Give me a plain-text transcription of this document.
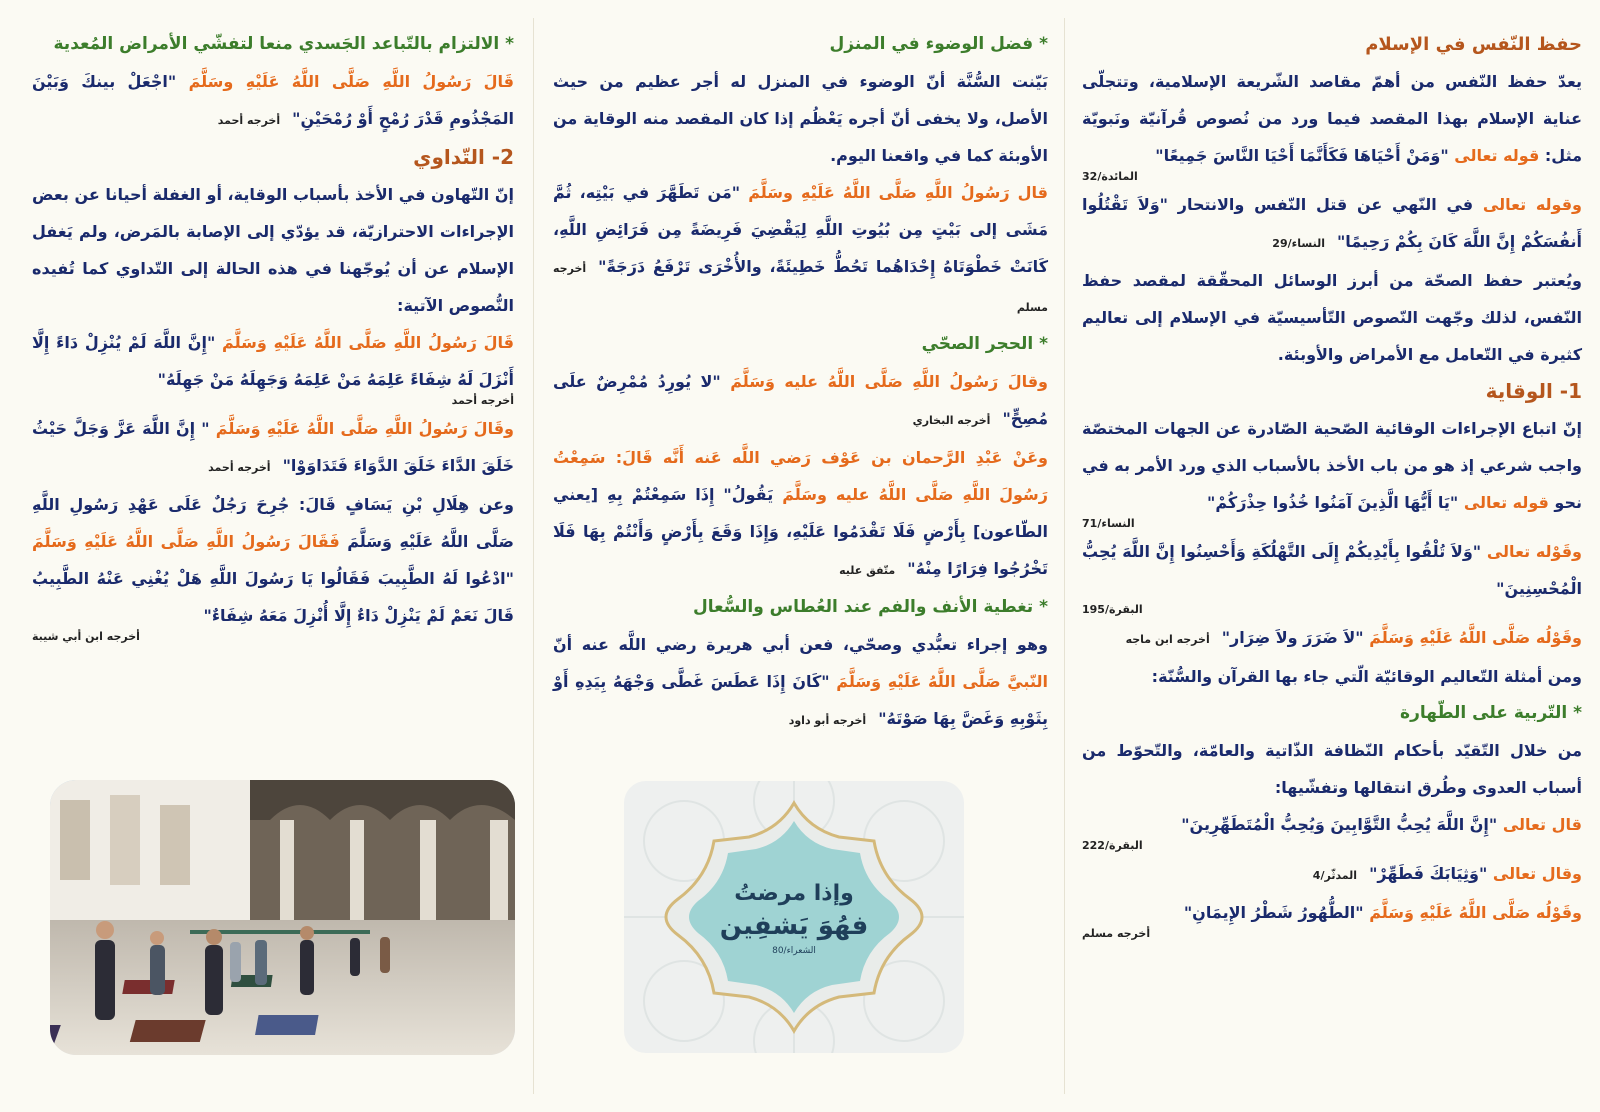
حفظ النّفس في الإسلام

يعدّ حفظ النّفس من أهمّ مقاصد الشّريعة الإسلامية، وتتجلّى عناية الإسلام بهذا المقصد فيما ورد من نُصوص قُرآنيّة ونَبويّة مثل: قوله تعالى "وَمَنْ أَحْيَاهَا فَكَأَنَّمَا أَحْيَا النَّاسَ جَمِيعًا"

المائدة/32

وقوله تعالى في النّهي عن قتل النّفس والانتحار "وَلاَ تَقْتُلُوا أَنفُسَكُمْ إِنَّ اللَّهَ كَانَ بِكُمْ رَحِيمًا"النساء/29

ويُعتبر حفظ الصحّة من أبرز الوسائل المحقّقة لمقصد حفظ النّفس، لذلك وجّهت النّصوص التّأسيسيّة في الإسلام إلى تعاليم كثيرة في التّعامل مع الأمراض والأوبئة.

1- الوقاية

إنّ اتباع الإجراءات الوقائية الصّحية الصّادرة عن الجهات المختصّة واجب شرعي إذ هو من باب الأخذ بالأسباب الذي ورد الأمر به في نحو قوله تعالى "يَا أَيُّهَا الَّذِينَ آمَنُوا خُذُوا حِذْرَكُمْ"

النساء/71

وقَوْله تعالى "وَلاَ تُلْقُوا بِأَيْدِيكُمْ إِلَى التَّهْلُكَةِ وَأَحْسِنُوا إِنَّ اللَّهَ يُحِبُّ الْمُحْسِنِينَ"

البقرة/195

وقَوْلُه صَلَّى اللَّهُ عَلَيْهِ وَسَلَّمَ "لاَ ضَرَرَ ولاَ ضِرَار"أخرجه ابن ماجه

ومن أمثلة التّعاليم الوقائيّة الّتي جاء بها القرآن والسُّنّة:

* التّربية على الطّهارة

من خلال التّقيّد بأحكام النّظافة الذّاتية والعامّة، والتّحوّط من أسباب العدوى وطُرق انتقالها وتفشّيها:

قال تعالى "إِنَّ اللَّهَ يُحِبُّ التَّوَّابِينَ وَيُحِبُّ الْمُتَطَهِّرِينَ"

البقرة/222

وقال تعالى "وَثِيَابَكَ فَطَهِّرْ"المدثّر/4

وقَوْلُه صَلَّى اللَّهُ عَلَيْهِ وَسَلَّمَ "الطُّهُورُ شَطْرُ الإِيمَانِ"

أخرجه مسلم

* فضل الوضوء في المنزل

بَيّنت السُّنَّة أنّ الوضوء في المنزل له أجر عظيم من حيث الأصل، ولا يخفى أنّ أجره يَعْظُم إذا كان المقصد منه الوقاية من الأوبئة كما في واقعنا اليوم.

قال رَسُولُ اللَّهِ صَلَّى اللَّهُ عَلَيْهِ وسَلَّمَ "مَن تَطَهَّرَ في بَيْتِه، ثُمَّ مَشَى إلى بَيْتٍ مِن بُيُوتِ اللَّهِ لِيَقْضِيَ فَرِيضَةً مِن فَرَائِضِ اللَّهِ، كَانَتْ خَطْوَتَاهُ إِحْدَاهُما تَحُطُّ خَطِيئَةً، والأُخْرَى تَرْفَعُ دَرَجَةً"أخرجه مسلم

* الحجر الصحّي

وقالَ رَسُولُ اللَّهِ صَلَّى اللَّهُ عليه وَسَلَّمَ "لا يُورِدُ مُمْرِضٌ علَى مُصِحٍّ"أخرجه البخاري

وعَنْ عَبْدِ الرَّحمان بن عَوْف رَضي اللَّه عَنه أَنَّه قَالَ: سَمِعْتُ رَسُولَ اللَّهِ صَلَّى اللَّهُ عليه وسَلَّمَ يَقُولُ" إِذَا سَمِعْتُمْ بِهِ [يعني الطّاعون] بِأَرْضٍ فَلَا تَقْدَمُوا عَلَيْهِ، وَإِذَا وَقَعَ بِأَرْضٍ وَأَنْتُمْ بِهَا فَلَا تَخْرُجُوا فِرَارًا مِنْهُ"متّفق عليه

* تغطية الأنف والفم عند العُطاس والسُّعال

وهو إجراء تعبُّدي وصحّي، فعن أبي هريرة رضي اللَّه عنه أنّ النّبيَّ صَلَّى اللَّهُ عَلَيْهِ وَسَلَّمَ "كَانَ إِذَا عَطَسَ غَطَّى وَجْهَهُ بِيَدِهِ أَوْ بِثَوْبِهِ وَغَضَّ بِهَا صَوْتَهُ"أخرجه أبو داود

* الالتزام بالتّباعد الجَسدي منعا لتفشّي الأمراض المُعدية

قَالَ رَسُولُ اللَّهِ صَلَّى اللَّهُ عَلَيْهِ وسَلَّمَ "اجْعَلْ بينكَ وَبَيْنَ المَجْذُومِ قَدْرَ رُمْحٍ أَوْ رُمْحَيْنِ"أخرجه أحمد

2- التّداوي

إنّ التّهاون في الأخذ بأسباب الوقاية، أو الغفلة أحيانا عن بعض الإجراءات الاحترازيّة، قد يؤدّي إلى الإصابة بالمَرض، ولم يَغفل الإسلام عن أن يُوجّهنا في هذه الحالة إلى التّداوي كما تُفيده النُّصوص الآتية:

قَالَ رَسُولُ اللَّهِ صَلَّى اللَّهُ عَلَيْهِ وَسَلَّمَ "إِنَّ اللَّهَ لَمْ يُنْزِلْ دَاءً إِلَّا أَنْزَلَ لَهُ شِفَاءً عَلِمَهُ مَنْ عَلِمَهُ وَجَهِلَهُ مَنْ جَهِلَهُ"

أخرجه أحمد

وقَالَ رَسُولُ اللَّهِ صَلَّى اللَّهُ عَلَيْهِ وَسَلَّمَ " إِنَّ اللَّهَ عَزَّ وَجَلَّ حَيْثُ خَلَقَ الدَّاءَ خَلَقَ الدَّوَاءَ فَتَدَاوَوْا"أخرجه أحمد

وعن هِلَالِ بْنِ يَسَافٍ قَالَ: جُرِحَ رَجُلٌ عَلَى عَهْدِ رَسُولِ اللَّهِ صَلَّى اللَّهُ عَلَيْهِ وَسَلَّمَ فَقَالَ رَسُولُ اللَّهِ صَلَّى اللَّهُ عَلَيْهِ وَسَلَّمَ "ادْعُوا لَهُ الطَّبِيبَ فَقَالُوا يَا رَسُولَ اللَّهِ هَلْ يُغْنِي عَنْهُ الطَّبِيبُ قَالَ نَعَمْ لَمْ يَنْزِلْ دَاءٌ إِلَّا أُنْزِلَ مَعَهُ شِفَاءٌ"

أخرجه ابن أبي شيبة
وإذا مرضتُ
فهُوَ يَشفِين
الشعراء/80
